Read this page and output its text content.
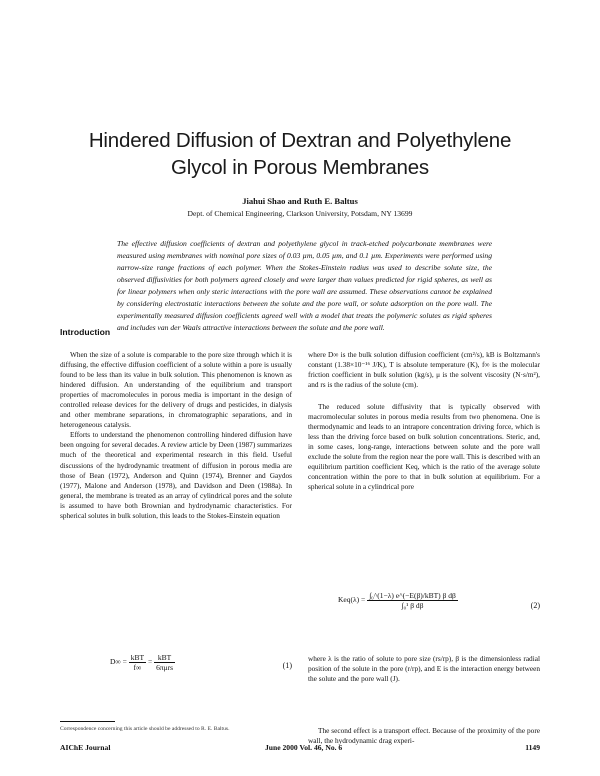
Hindered Diffusion of Dextran and Polyethylene
Glycol in Porous Membranes
Jiahui Shao and Ruth E. Baltus
Dept. of Chemical Engineering, Clarkson University, Potsdam, NY 13699

The effective diffusion coefficients of dextran and polyethylene glycol in track-etched polycarbonate membranes were measured using membranes with nominal pore sizes of 0.03 µm, 0.05 µm, and 0.1 µm. Experiments were performed using narrow-size range fractions of each polymer. When the Stokes-Einstein radius was used to describe solute size, the observed diffusivities for both polymers agreed closely and were larger than values predicted for rigid spheres, as well as for linear polymers when only steric interactions with the pore wall are assumed. These observations cannot be explained by considering electrostatic interactions between the solute and the pore wall, or solute adsorption on the pore wall. The experimentally measured diffusion coefficients agreed well with a model that treats the polymeric solutes as rigid spheres and includes van der Waals attractive interactions between the solute and the pore wall.

Introduction

When the size of a solute is comparable to the pore size through which it is diffusing, the effective diffusion coefficient of a solute within a pore is usually found to be less than its value in bulk solution. This phenomenon is known as hindered diffusion. An understanding of the equilibrium and transport properties of macromolecules in porous media is important in the design of controlled release devices for the delivery of drugs and pesticides, in dialysis and other membrane separations, in chromatographic separations, and in heterogeneous catalysis.

Efforts to understand the phenomenon controlling hindered diffusion have been ongoing for several decades. A review article by Deen (1987) summarizes much of the theoretical and experimental research in this field. Useful discussions of the hydrodynamic treatment of diffusion in porous media are those of Bean (1972), Anderson and Quinn (1974), Brenner and Gaydos (1977), Malone and Anderson (1978), and Davidson and Deen (1988a). In general, the membrane is treated as an array of cylindrical pores and the solute is assumed to have both Brownian and hydrodynamic characteristics. For spherical solutes in bulk solution, this leads to the Stokes-Einstein equation

$D\infty = \frac{\text{kBT}}{f\infty} = \frac{\text{kBT}}{\text{6πμrs}}$	(1)
where D∞ is the bulk solution diffusion coefficient (cm²/s), kB is Boltzmann's constant (1.38×10⁻¹⁶ J/K), T is absolute temperature (K), f∞ is the molecular friction coefficient in bulk solution (kg/s), μ is the solvent viscosity (N·s/m²), and rs is the radius of the solute (cm).

The reduced solute diffusivity that is typically observed with macromolecular solutes in porous media results from two phenomena. One is thermodynamic and leads to an intrapore concentration driving force, which is less than the driving force based on bulk solution concentrations. Steric, and, in some cases, long-range, interactions between solute and the pore wall exclude the solute from the region near the pore wall. This is described with an equilibrium partition coefficient Keq, which is the ratio of the average solute concentration within the pore to that in bulk solution at equilibrium. For a spherical solute in a cylindrical pore

$Keq(\lambda) = \frac{\text{∫₀\textasciicircum{}(1−λ) e\textasciicircum{}(−E(β)/kBT) β dβ}}{\text{∫₀¹ β dβ}}$	(2)
where λ is the ratio of solute to pore size (rs/rp), β is the dimensionless radial position of the solute in the pore (r/rp), and E is the interaction energy between the solute and the pore wall (J).
The second effect is a transport effect. Because of the proximity of the pore wall, the hydrodynamic drag experi-
Correspondence concerning this article should be addressed to R. E. Baltus.
AIChE Journal	June 2000 Vol. 46, No. 6	1149
